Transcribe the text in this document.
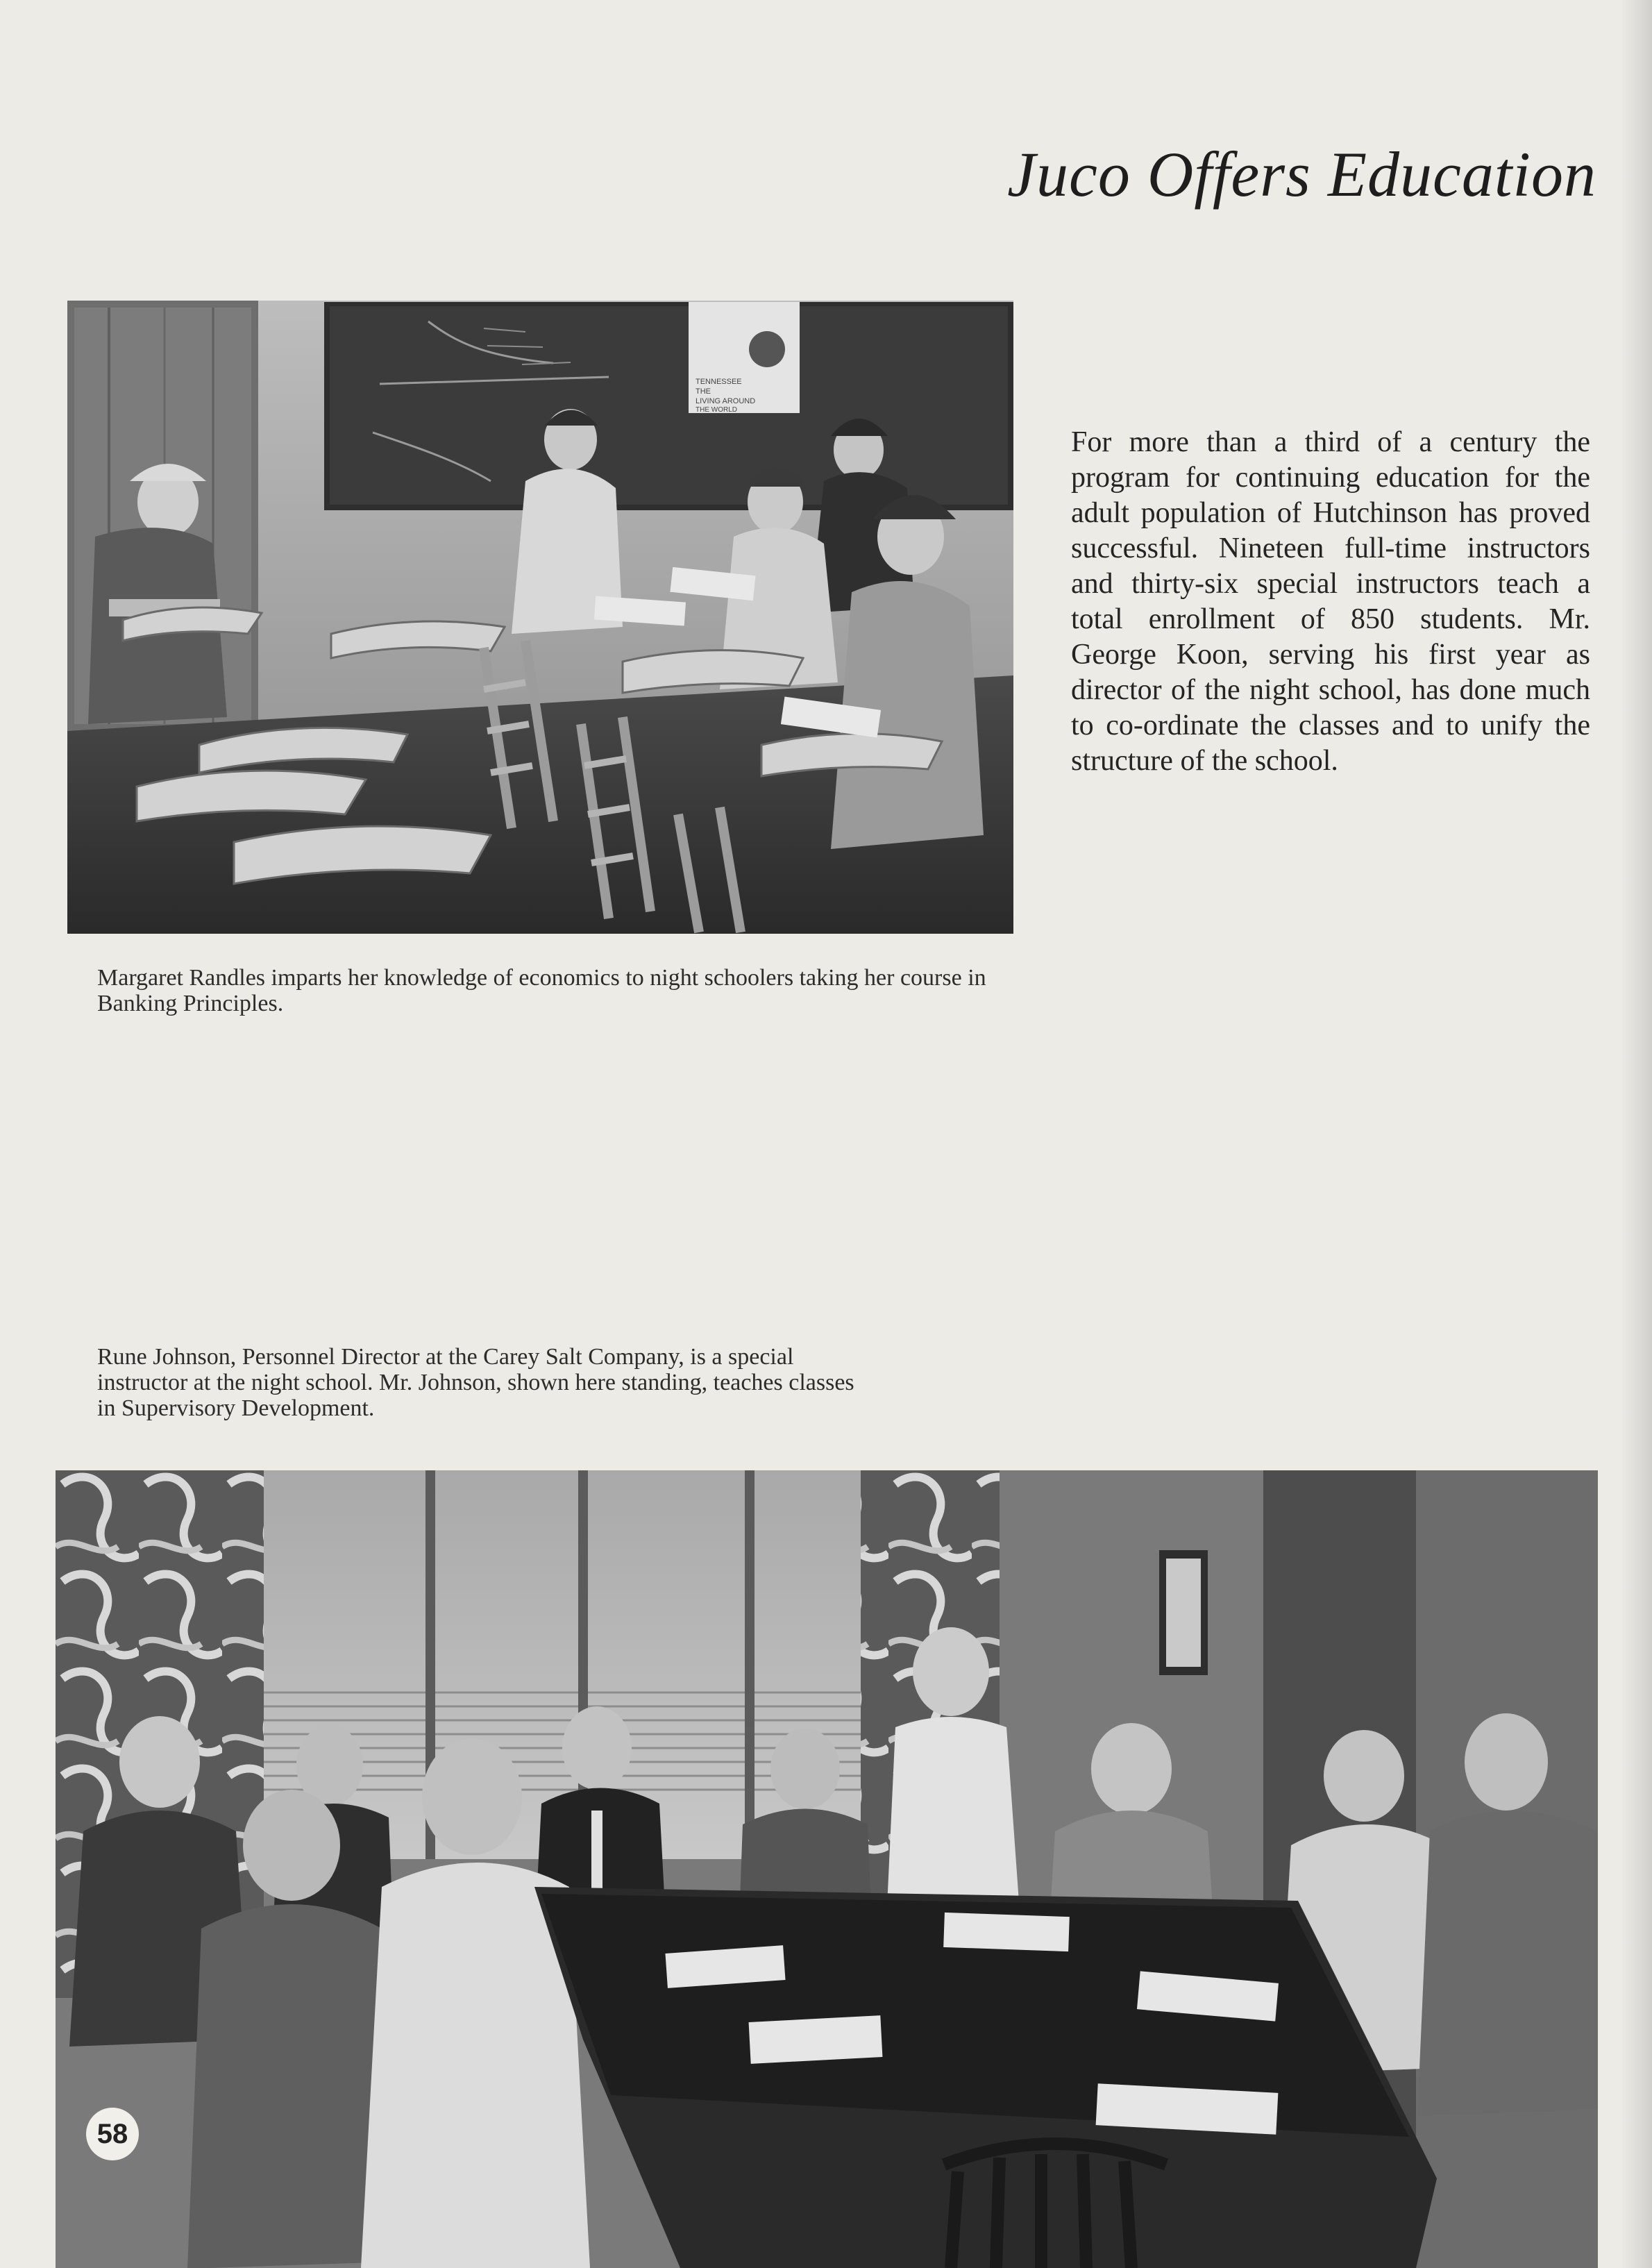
Juco Offers Education
TENNESSEE
THE
LIVING AROUND
THE WORLD
For more than a third of a century the program for continuing education for the adult population of Hutchinson has proved successful. Nineteen full-time instructors and thirty-six special instructors teach a total enrollment of 850 students. Mr. George Koon, serving his first year as director of the night school, has done much to co-ordinate the classes and to unify the structure of the school.
Margaret Randles imparts her knowledge of economics to night schoolers taking her course in Banking Principles.
Rune Johnson, Personnel Director at the Carey Salt Company, is a special instructor at the night school. Mr. Johnson, shown here standing, teaches classes in Supervisory Development.
58
